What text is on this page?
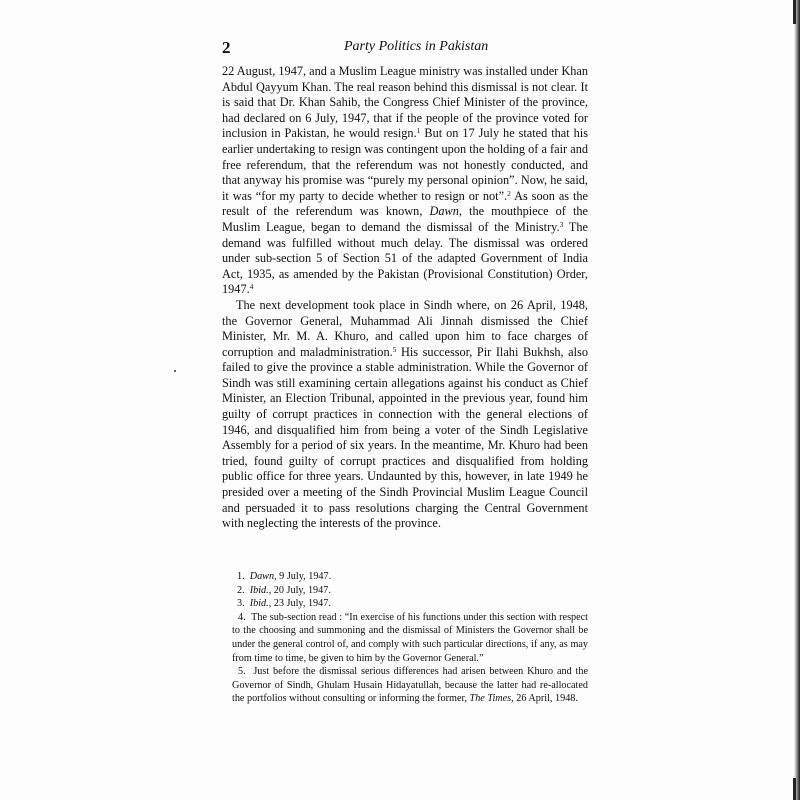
2	Party Politics in Pakistan

22 August, 1947, and a Muslim League ministry was installed under Khan Abdul Qayyum Khan. The real reason behind this dismissal is not clear. It is said that Dr. Khan Sahib, the Congress Chief Minister of the province, had declared on 6 July, 1947, that if the people of the province voted for inclusion in Pakistan, he would resign.$^1$ But on 17 July he stated that his earlier undertaking to resign was contingent upon the holding of a fair and free referendum, that the referendum was not honestly conducted, and that anyway his promise was “purely my personal opinion”. Now, he said, it was “for my party to decide whether to resign or not”.$^2$ As soon as the result of the referendum was known, Dawn, the mouthpiece of the Muslim League, began to demand the dismissal of the Ministry.$^3$ The demand was fulfilled without much delay. The dismissal was ordered under sub-section 5 of Section 51 of the adapted Government of India Act, 1935, as amended by the Pakistan (Provisional Constitution) Order, 1947.$^4$

The next development took place in Sindh where, on 26 April, 1948, the Governor General, Muhammad Ali Jinnah dismissed the Chief Minister, Mr. M. A. Khuro, and called upon him to face charges of corruption and maladministration.$^5$ His successor, Pir Ilahi Bukhsh, also failed to give the province a stable administration. While the Governor of Sindh was still examining certain allegations against his conduct as Chief Minister, an Election Tribunal, appointed in the previous year, found him guilty of corrupt practices in connection with the general elections of 1946, and disqualified him from being a voter of the Sindh Legislative Assembly for a period of six years. In the meantime, Mr. Khuro had been tried, found guilty of corrupt practices and disqualified from holding public office for three years. Undaunted by this, however, in late 1949 he presided over a meeting of the Sindh Provincial Muslim League Council and persuaded it to pass resolutions charging the Central Government with neglecting the interests of the province.

1. Dawn, 9 July, 1947.

2. Ibid., 20 July, 1947.

3. Ibid., 23 July, 1947.

4. The sub-section read : “In exercise of his functions under this section with respect to the choosing and summoning and the dismissal of Ministers the Governor shall be under the general control of, and comply with such particular directions, if any, as may from time to time, be given to him by the Governor General.”

5. Just before the dismissal serious differences had arisen between Khuro and the Governor of Sindh, Ghulam Husain Hidayatullah, because the latter had re-allocated the portfolios without consulting or informing the former, The Times, 26 April, 1948.
